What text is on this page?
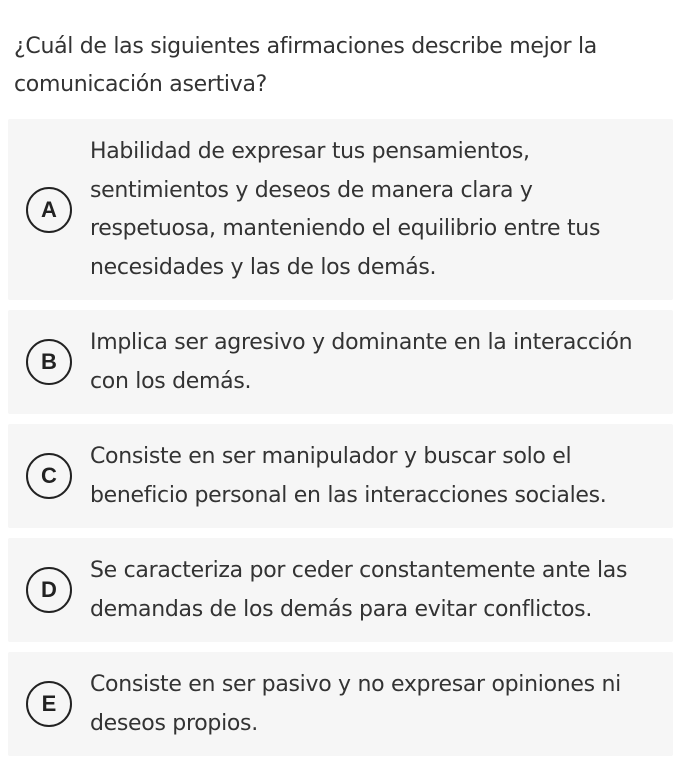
¿Cuál de las siguientes afirmaciones describe mejor la comunicación asertiva?
A
Habilidad de expresar tus pensamientos, sentimientos y deseos de manera clara y respetuosa, manteniendo el equilibrio entre tus necesidades y las de los demás.
B
Implica ser agresivo y dominante en la interacción con los demás.
C
Consiste en ser manipulador y buscar solo el beneficio personal en las interacciones sociales.
D
Se caracteriza por ceder constantemente ante las demandas de los demás para evitar conflictos.
E
Consiste en ser pasivo y no expresar opiniones ni deseos propios.
